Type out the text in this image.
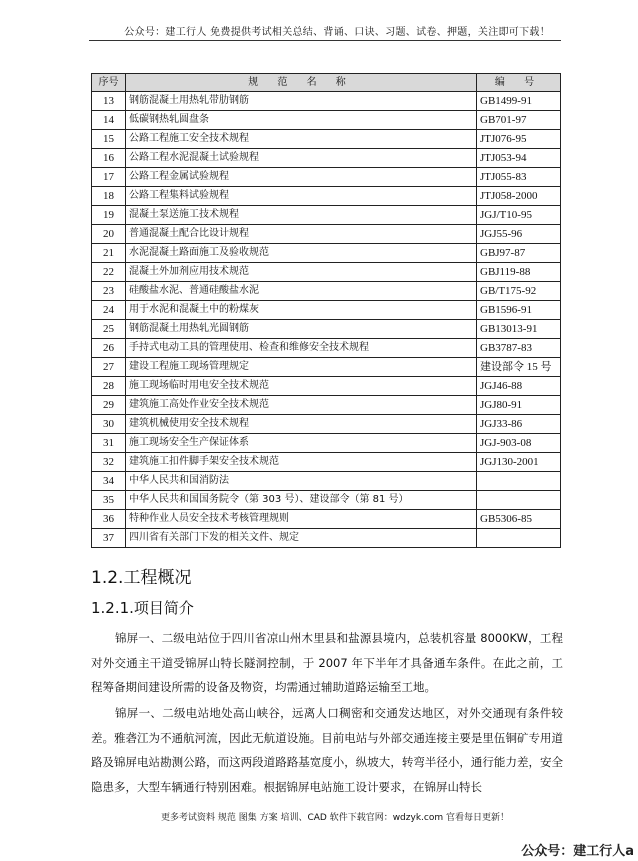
公众号：建工行人 免费提供考试相关总结、背诵、口诀、习题、试卷、押题，关注即可下载！
序号	规 范 名 称	编 号
13	钢筋混凝土用热轧带肋钢筋	GB1499-91
14	低碳钢热轧圆盘条	GB701-97
15	公路工程施工安全技术规程	JTJ076-95
16	公路工程水泥混凝土试验规程	JTJ053-94
17	公路工程金属试验规程	JTJ055-83
18	公路工程集料试验规程	JTJ058-2000
19	混凝土泵送施工技术规程	JGJ/T10-95
20	普通混凝土配合比设计规程	JGJ55-96
21	水泥混凝土路面施工及验收规范	GBJ97-87
22	混凝土外加剂应用技术规范	GBJ119-88
23	硅酸盐水泥、普通硅酸盐水泥	GB/T175-92
24	用于水泥和混凝土中的粉煤灰	GB1596-91
25	钢筋混凝土用热轧光圆钢筋	GB13013-91
26	手持式电动工具的管理使用、检查和维修安全技术规程	GB3787-83
27	建设工程施工现场管理规定	建设部令 15 号
28	施工现场临时用电安全技术规范	JGJ46-88
29	建筑施工高处作业安全技术规范	JGJ80-91
30	建筑机械使用安全技术规程	JGJ33-86
31	施工现场安全生产保证体系	JGJ-903-08
32	建筑施工扣件脚手架安全技术规范	JGJ130-2001
34	中华人民共和国消防法	
35	中华人民共和国国务院令（第 303 号）、建设部令（第 81 号）	
36	特种作业人员安全技术考核管理规则	GB5306-85
37	四川省有关部门下发的相关文件、规定	
1.2.工程概况
1.2.1.项目简介

锦屏一、二级电站位于四川省凉山州木里县和盐源县境内，总装机容量 8000KW，工程对外交通主干道受锦屏山特长隧洞控制，于 2007 年下半年才具备通车条件。在此之前，工程筹备期间建设所需的设备及物资，均需通过辅助道路运输至工地。

锦屏一、二级电站地处高山峡谷，远离人口稠密和交通发达地区，对外交通现有条件较差。雅砻江为不通航河流，因此无航道设施。目前电站与外部交通连接主要是里伍铜矿专用道路及锦屏电站勘测公路，而这两段道路路基宽度小，纵坡大，转弯半径小，通行能力差，安全隐患多，大型车辆通行特别困难。根据锦屏电站施工设计要求，在锦屏山特长

更多考试资料 规范 图集 方案 培训、CAD 软件下载官网：wdzyk.com 官看每日更新！
公众号：建工行人a
